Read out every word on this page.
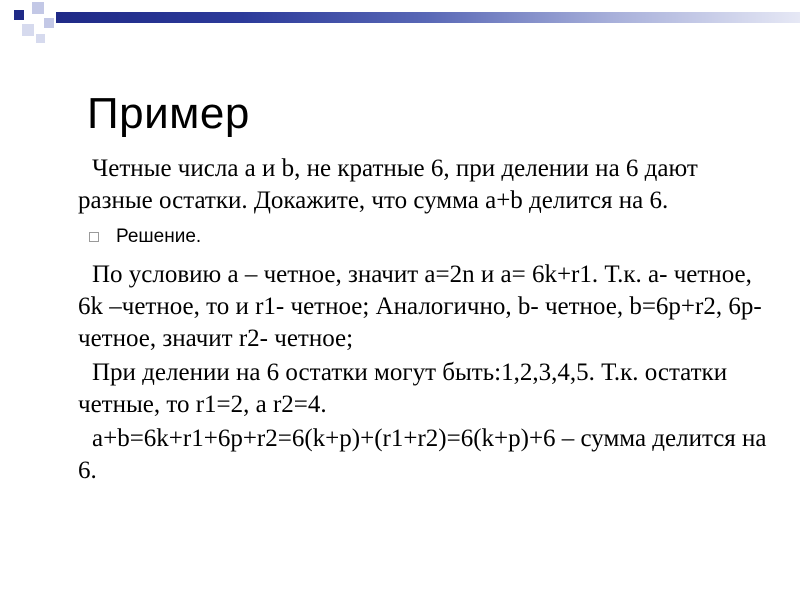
Пример

Четные числа a и b, не кратные 6, при делении на 6 дают разные остатки. Докажите, что сумма a+b делится на 6.

Решение.

По условию a – четное, значит a=2n и a= 6k+r1. Т.к. a- четное, 6k –четное, то и r1- четное; Аналогично, b- четное, b=6p+r2, 6p- четное, значит r2- четное;

При делении на 6 остатки могут быть:1,2,3,4,5. Т.к. остатки четные, то r1=2, а r2=4.

a+b=6k+r1+6p+r2=6(k+p)+(r1+r2)=6(k+p)+6 – сумма делится на 6.
